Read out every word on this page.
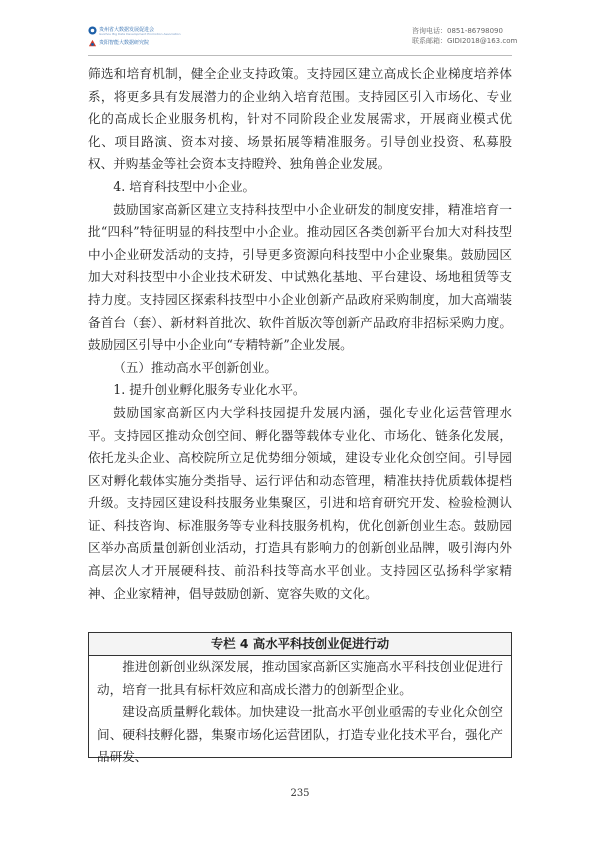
贵州省大数据发展促进会
Guizhou Big Data Development Promotion Association
贵阳智能大数据研究院
咨询电话：0851-86798090
联系邮箱：GIDI2018@163.com

筛选和培育机制，健全企业支持政策。支持园区建立高成长企业梯度培养体系，将更多具有发展潜力的企业纳入培育范围。支持园区引入市场化、专业化的高成长企业服务机构，针对不同阶段企业发展需求，开展商业模式优化、项目路演、资本对接、场景拓展等精准服务。引导创业投资、私募股权、并购基金等社会资本支持瞪羚、独角兽企业发展。

4. 培育科技型中小企业。

鼓励国家高新区建立支持科技型中小企业研发的制度安排，精准培育一批“四科”特征明显的科技型中小企业。推动园区各类创新平台加大对科技型中小企业研发活动的支持，引导更多资源向科技型中小企业聚集。鼓励园区加大对科技型中小企业技术研发、中试熟化基地、平台建设、场地租赁等支持力度。支持园区探索科技型中小企业创新产品政府采购制度，加大高端装备首台（套）、新材料首批次、软件首版次等创新产品政府非招标采购力度。鼓励园区引导中小企业向“专精特新”企业发展。

（五）推动高水平创新创业。

1. 提升创业孵化服务专业化水平。

鼓励国家高新区内大学科技园提升发展内涵，强化专业化运营管理水平。支持园区推动众创空间、孵化器等载体专业化、市场化、链条化发展，依托龙头企业、高校院所立足优势细分领域，建设专业化众创空间。引导园区对孵化载体实施分类指导、运行评估和动态管理，精准扶持优质载体提档升级。支持园区建设科技服务业集聚区，引进和培育研究开发、检验检测认证、科技咨询、标准服务等专业科技服务机构，优化创新创业生态。鼓励园区举办高质量创新创业活动，打造具有影响力的创新创业品牌，吸引海内外高层次人才开展硬科技、前沿科技等高水平创业。支持园区弘扬科学家精神、企业家精神，倡导鼓励创新、宽容失败的文化。

专栏 4 高水平科技创业促进行动

推进创新创业纵深发展，推动国家高新区实施高水平科技创业促进行动，培育一批具有标杆效应和高成长潜力的创新型企业。

建设高质量孵化载体。加快建设一批高水平创业亟需的专业化众创空间、硬科技孵化器，集聚市场化运营团队，打造专业化技术平台，强化产品研发、

235
